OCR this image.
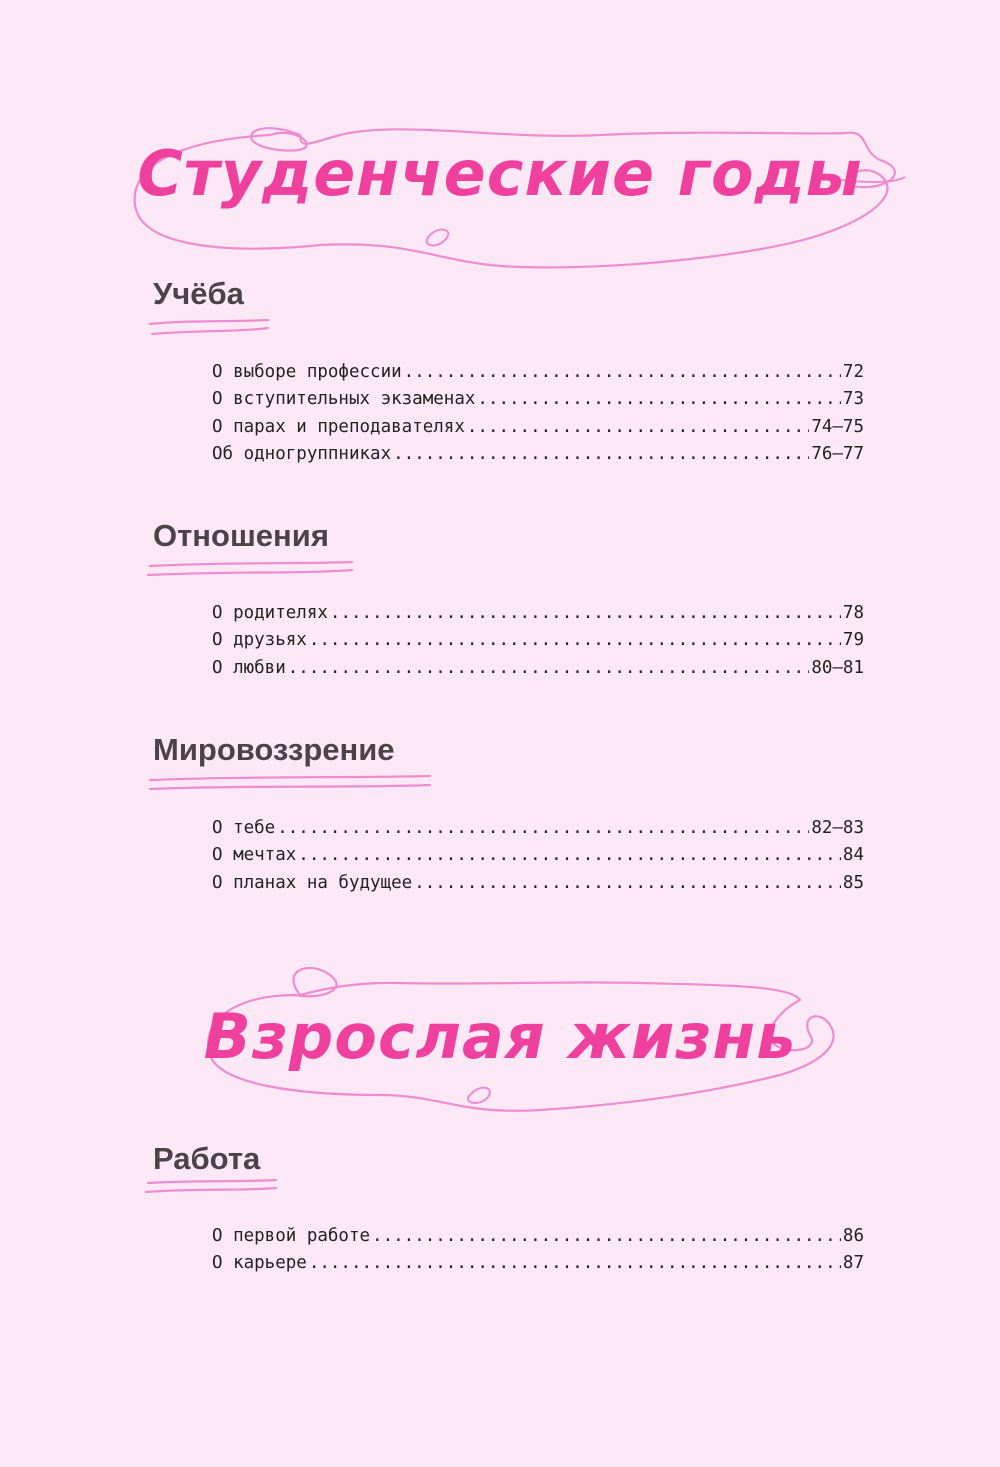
Студенческие годы
Учёба
О выборе профессии .....	72
О вступительных экзаменах .....	73
О парах и преподавателях .....	74–75
Об одногруппниках .....	76–77
Отношения
О родителях .....	78
О друзьях .....	79
О любви .....	80–81
Мировоззрение
О тебе .....	82–83
О мечтах .....	84
О планах на будущее .....	85
Взрослая жизнь
Работа
О первой работе .....	86
О карьере .....	87
